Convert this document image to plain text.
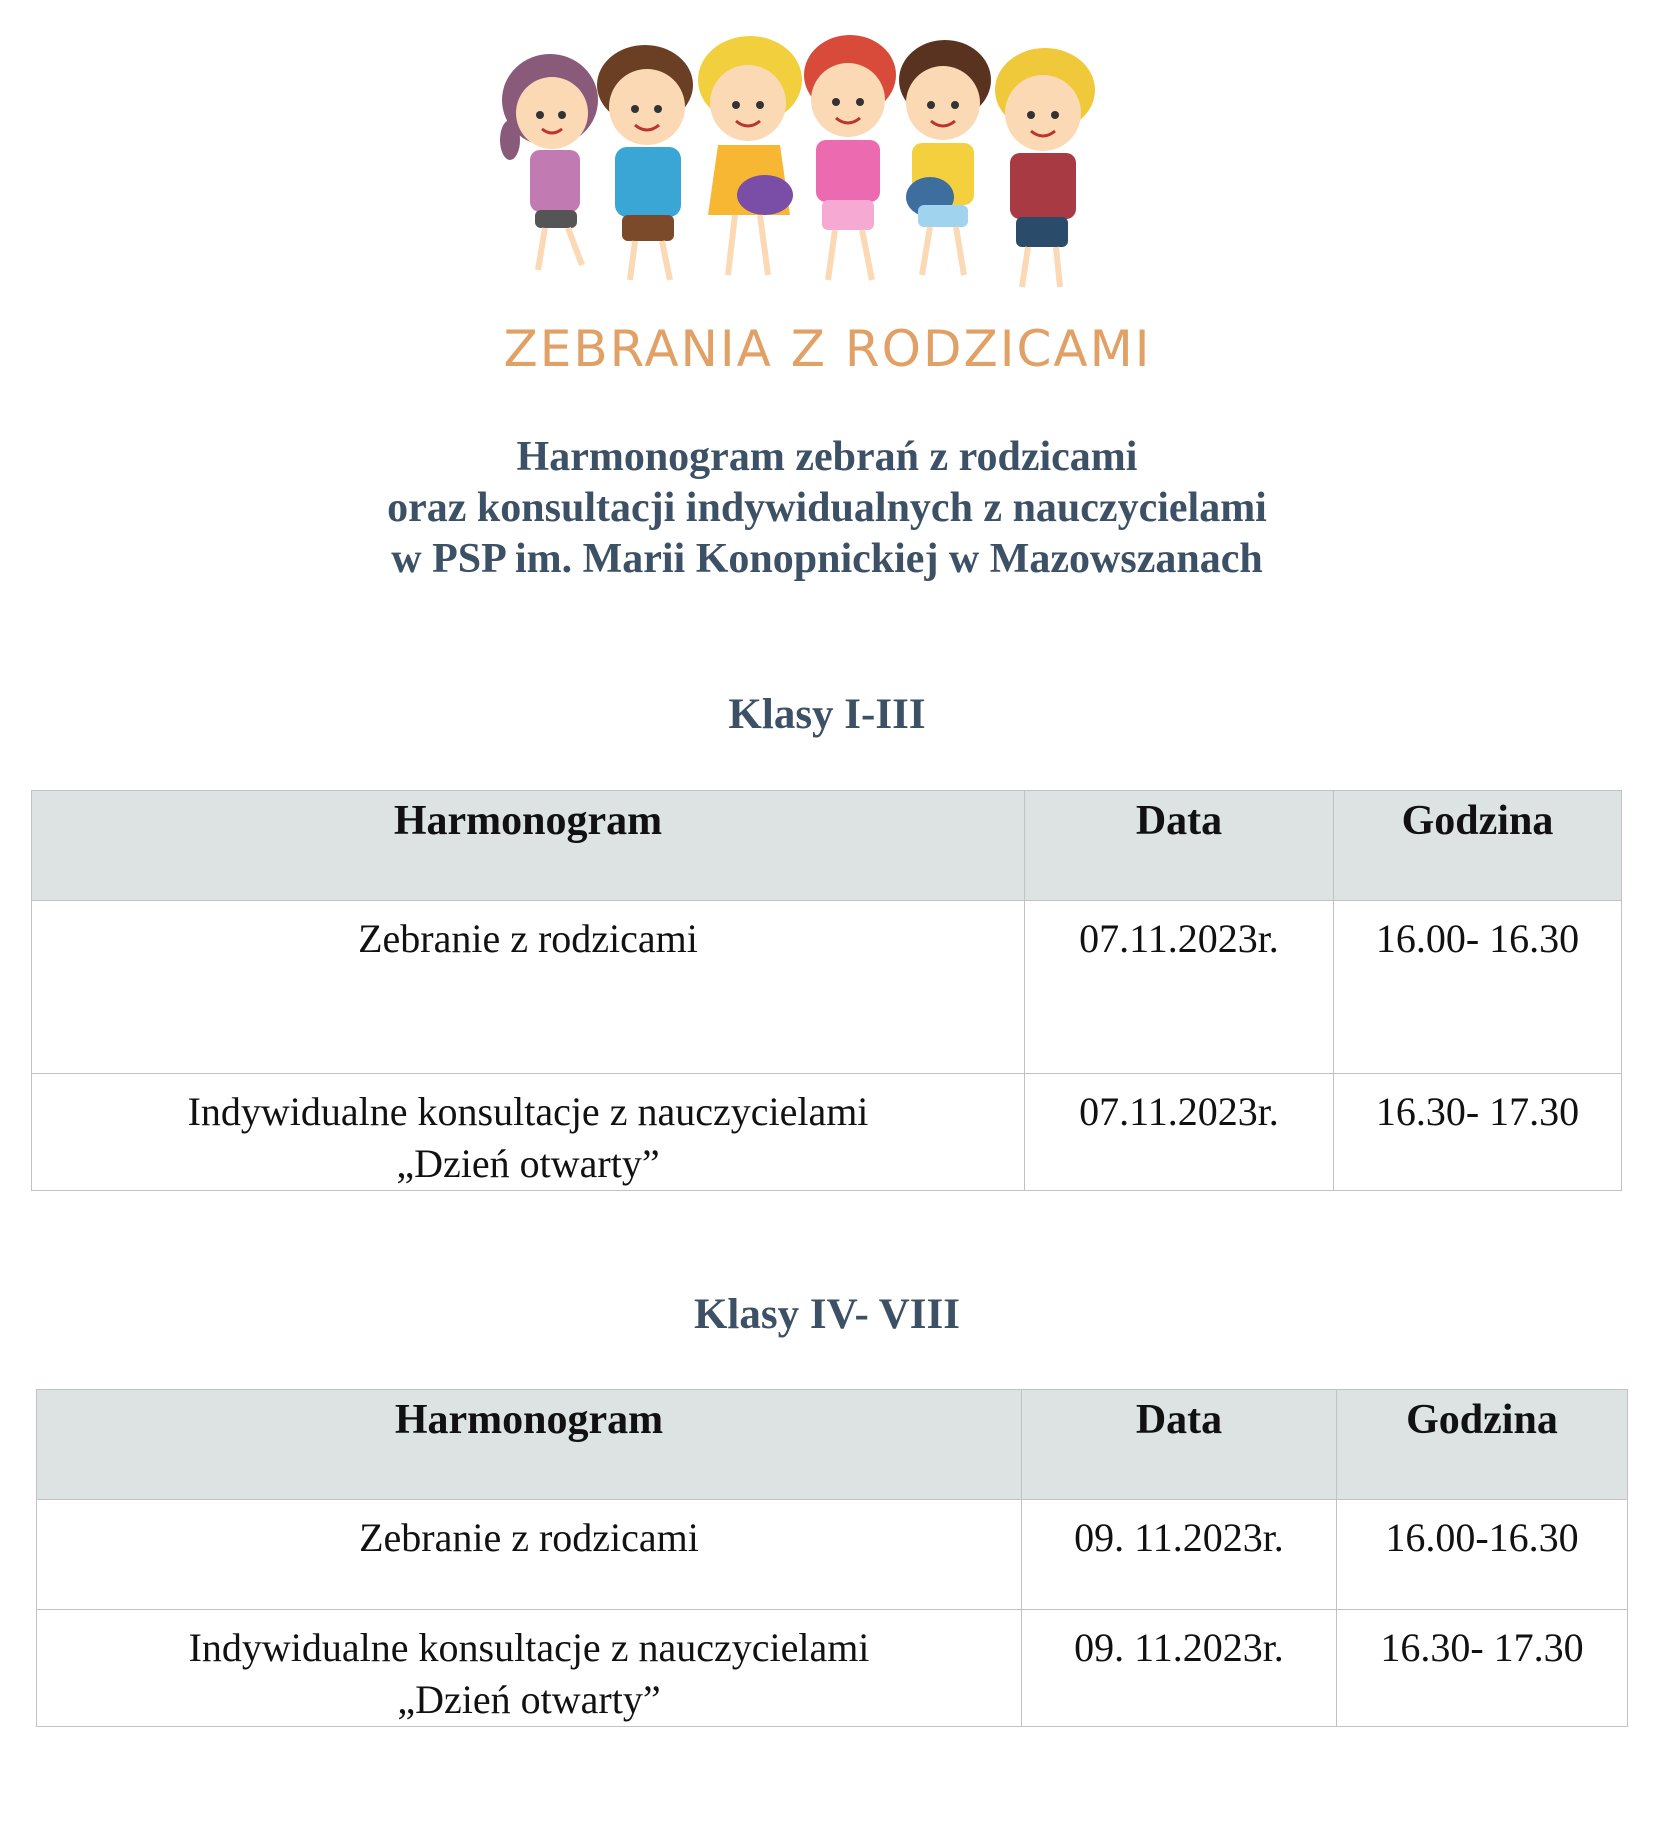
ZEBRANIA Z RODZICAMI
Harmonogram zebrań z rodzicami
oraz konsultacji indywidualnych z nauczycielami
w PSP im. Marii Konopnickiej w Mazowszanach
Klasy I-III
Harmonogram	Data	Godzina

Zebranie z rodzicami	07.11.2023r.	16.00- 16.30

Indywidualne konsultacje z nauczycielami
„Dzień otwarty”	07.11.2023r.	16.30- 17.30
Klasy IV- VIII
Harmonogram	Data	Godzina

Zebranie z rodzicami	09. 11.2023r.	16.00-16.30

Indywidualne konsultacje z nauczycielami
„Dzień otwarty”	09. 11.2023r.	16.30- 17.30
